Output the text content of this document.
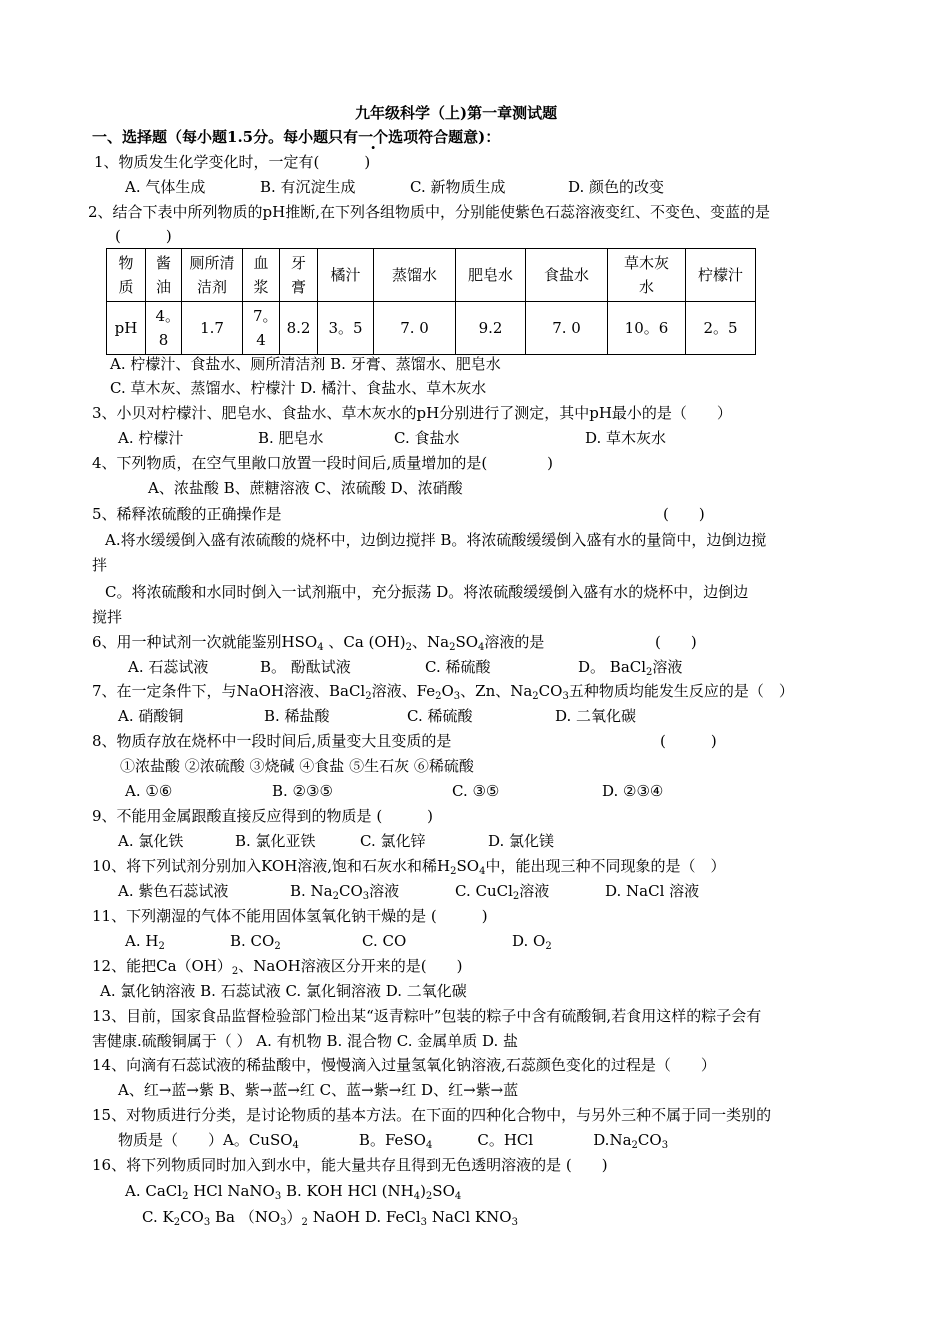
九年级科学（上)第一章测试题
一、选择题（每小题1.5分。每小题只有一个选项符合题意)：
1、物质发生化学变化时，一定有(　　　)
A. 气体生成	B. 有沉淀生成	C. 新物质生成	D. 颜色的改变
2、结合下表中所列物质的pH推断,在下列各组物质中，分别能使紫色石蕊溶液变红、不变色、变蓝的是
(　　　)
物质	酱油	厕所清洁剂	血浆	牙膏	橘汁	蒸馏水	肥皂水	食盐水	草木灰水	柠檬汁
pH	4。8	1.7	7。4	8.2	3。5	7. 0	9.2	7. 0	10。6	2。5
A. 柠檬汁、食盐水、厕所清洁剂 B. 牙膏、蒸馏水、肥皂水
C. 草木灰、蒸馏水、柠檬汁 D. 橘汁、食盐水、草木灰水
3、小贝对柠檬汁、肥皂水、食盐水、草木灰水的pH分别进行了测定，其中pH最小的是（　　）
A. 柠檬汁	B. 肥皂水	C. 食盐水	D. 草木灰水
4、下列物质，在空气里敞口放置一段时间后,质量增加的是(　　　　)
A、浓盐酸 B、蔗糖溶液 C、浓硫酸 D、浓硝酸
5、稀释浓硫酸的正确操作是	(　　)
A.将水缓缓倒入盛有浓硫酸的烧杯中，边倒边搅拌 B。将浓硫酸缓缓倒入盛有水的量筒中，边倒边搅
拌
C。将浓硫酸和水同时倒入一试剂瓶中，充分振荡 D。将浓硫酸缓缓倒入盛有水的烧杯中，边倒边
搅拌
6、用一种试剂一次就能鉴别$HSO_4$ 、Ca $(OH)_2$、$Na_2SO_4$溶液的是	(　　)
A. 石蕊试液	B。 酚酞试液	C. 稀硫酸	D。 BaCl$_2$溶液
7、在一定条件下，与NaOH溶液、BaCl$_2$溶液、$Fe_2O_3$、Zn、$Na_2CO_3$五种物质均能发生反应的是（　）
A. 硝酸铜	B. 稀盐酸	C. 稀硫酸	D. 二氧化碳
8、物质存放在烧杯中一段时间后,质量变大且变质的是	(　　　)
①浓盐酸 ②浓硫酸 ③烧碱 ④食盐 ⑤生石灰 ⑥稀硫酸
A. ①⑥	B. ②③⑤	C. ③⑤	D. ②③④
9、不能用金属跟酸直接反应得到的物质是 (　　　)
A. 氯化铁	B. 氯化亚铁	C. 氯化锌	D. 氯化镁
10、将下列试剂分别加入KOH溶液,饱和石灰水和稀$H_2SO_4$中，能出现三种不同现象的是（　）
A. 紫色石蕊试液	B. $Na_2CO_3$溶液	C. CuCl$_2$溶液	D. NaCl 溶液
11、下列潮湿的气体不能用固体氢氧化钠干燥的是 (　　　)
A. $H_2$	B. $CO_2$	C. CO	D. $O_2$
12、能把$Ca(OH)_2$、NaOH溶液区分开来的是(　　)
A. 氯化钠溶液 B. 石蕊试液 C. 氯化铜溶液 D. 二氧化碳
13、目前，国家食品监督检验部门检出某“返青粽叶”包装的粽子中含有硫酸铜,若食用这样的粽子会有
害健康.硫酸铜属于（ ） A. 有机物 B. 混合物 C. 金属单质 D. 盐
14、向滴有石蕊试液的稀盐酸中，慢慢滴入过量氢氧化钠溶液,石蕊颜色变化的过程是（　　）
A、红→蓝→紫 B、紫→蓝→红 C、蓝→紫→红 D、红→紫→蓝
15、对物质进行分类，是讨论物质的基本方法。在下面的四种化合物中，与另外三种不属于同一类别的
物质是（　　）A。CuSO$_4$　　　　B。FeSO$_4$　　　C。HCl　　　　$D.Na_2CO_3$
16、将下列物质同时加入到水中，能大量共存且得到无色透明溶液的是 (　　)
A. CaCl$_2$ HCl NaNO$_3$ B. KOH HCl $(NH_4)_2SO_4$
C. $K_2CO_3$ Ba $(NO_3)_2$ NaOH D. FeCl$_3$ NaCl $KNO_3$
